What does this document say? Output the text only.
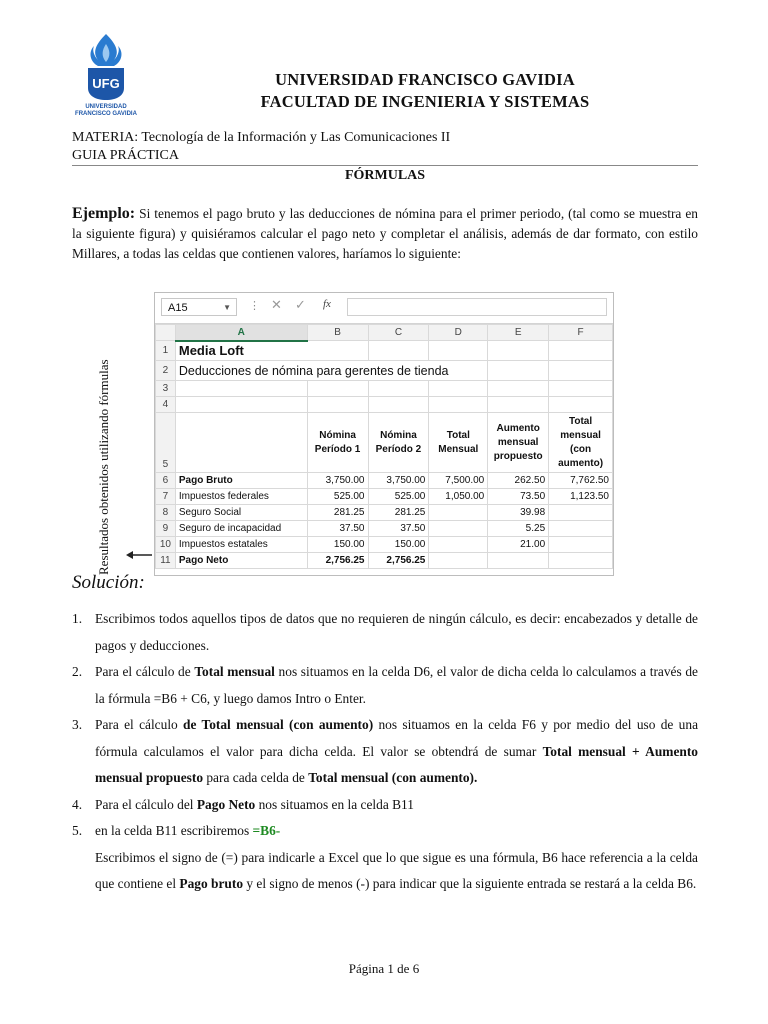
UFG
UNIVERSIDAD
FRANCISCO GAVIDIA
UNIVERSIDAD FRANCISCO GAVIDIA
FACULTAD DE INGENIERIA Y SISTEMAS
MATERIA: Tecnología de la Información y Las Comunicaciones II
GUIA PRÁCTICA
FÓRMULAS
Ejemplo: Si tenemos el pago bruto y las deducciones de nómina para el primer periodo, (tal como se muestra en la siguiente figura) y quisiéramos calcular el pago neto y completar el análisis, además de dar formato, con estilo Millares, a todas las celdas que contienen valores, haríamos lo siguiente:
A15	▼ ⋮ ✕ ✓ fx
	A	B	C	D	E	F
1	Media Loft					
2	Deducciones de nómina para gerentes de tienda					
3						
4						
5		Nómina Período 1	Nómina Período 2	Total Mensual	Aumento mensual propuesto	Total mensual (con aumento)
6	Pago Bruto	3,750.00	3,750.00	7,500.00	262.50	7,762.50
7	Impuestos federales	525.00	525.00	1,050.00	73.50	1,123.50
8	Seguro Social	281.25	281.25		39.98	
9	Seguro de incapacidad	37.50	37.50		5.25	
10	Impuestos estatales	150.00	150.00		21.00	
11	Pago Neto	2,756.25	2,756.25			
Resultados obtenidos utilizando fórmulas
Solución:
1. Escribimos todos aquellos tipos de datos que no requieren de ningún cálculo, es decir: encabezados y detalle de pagos y deducciones.
2. Para el cálculo de Total mensual nos situamos en la celda D6, el valor de dicha celda lo calculamos a través de la fórmula =B6 + C6, y luego damos Intro o Enter.
3. Para el cálculo de Total mensual (con aumento) nos situamos en la celda F6 y por medio del uso de una fórmula calculamos el valor para dicha celda. El valor se obtendrá de sumar Total mensual + Aumento mensual propuesto para cada celda de Total mensual (con aumento).
4. Para el cálculo del Pago Neto nos situamos en la celda B11
5. en la celda B11 escribiremos =B6-
Escribimos el signo de (=) para indicarle a Excel que lo que sigue es una fórmula, B6 hace referencia a la celda que contiene el Pago bruto y el signo de menos (-) para indicar que la siguiente entrada se restará a la celda B6.
Página 1 de 6
